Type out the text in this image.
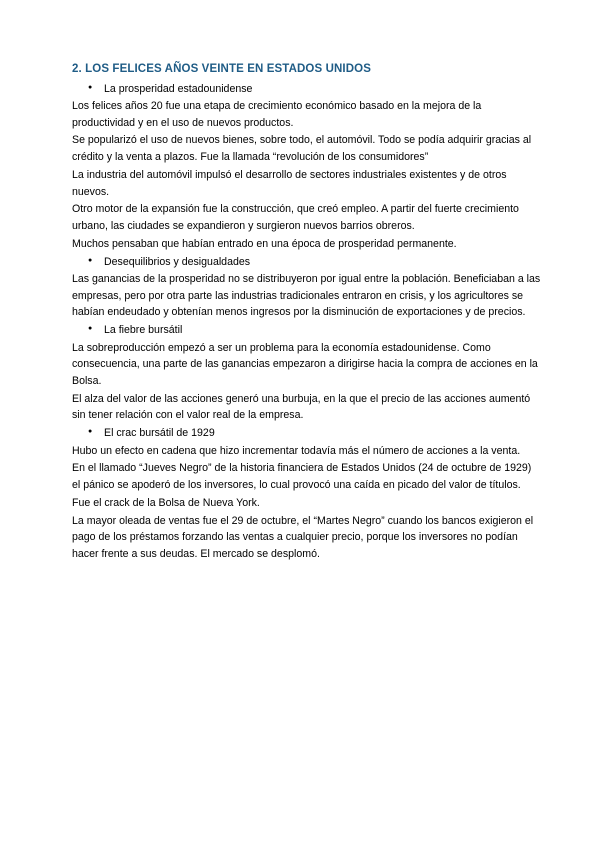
2. LOS FELICES AÑOS VEINTE EN ESTADOS UNIDOS
● La prosperidad estadounidense

Los felices años 20 fue una etapa de crecimiento económico basado en la mejora de la productividad y en el uso de nuevos productos.

Se popularizó el uso de nuevos bienes, sobre todo, el automóvil. Todo se podía adquirir gracias al crédito y la venta a plazos. Fue la llamada “revolución de los consumidores”

La industria del automóvil impulsó el desarrollo de sectores industriales existentes y de otros nuevos.

Otro motor de la expansión fue la construcción, que creó empleo. A partir del fuerte crecimiento urbano, las ciudades se expandieron y surgieron nuevos barrios obreros.

Muchos pensaban que habían entrado en una época de prosperidad permanente.

● Desequilibrios y desigualdades

Las ganancias de la prosperidad no se distribuyeron por igual entre la población. Beneficiaban a las empresas, pero por otra parte las industrias tradicionales entraron en crisis, y los agricultores se habían endeudado y obtenían menos ingresos por la disminución de exportaciones y de precios.

● La fiebre bursátil

La sobreproducción empezó a ser un problema para la economía estadounidense. Como consecuencia, una parte de las ganancias empezaron a dirigirse hacia la compra de acciones en la Bolsa.

El alza del valor de las acciones generó una burbuja, en la que el precio de las acciones aumentó sin tener relación con el valor real de la empresa.

● El crac bursátil de 1929

Hubo un efecto en cadena que hizo incrementar todavía más el número de acciones a la venta.

En el llamado “Jueves Negro” de la historia financiera de Estados Unidos (24 de octubre de 1929) el pánico se apoderó de los inversores, lo cual provocó una caída en picado del valor de títulos.

Fue el crack de la Bolsa de Nueva York.

La mayor oleada de ventas fue el 29 de octubre, el “Martes Negro” cuando los bancos exigieron el pago de los préstamos forzando las ventas a cualquier precio, porque los inversores no podían hacer frente a sus deudas. El mercado se desplomó.
